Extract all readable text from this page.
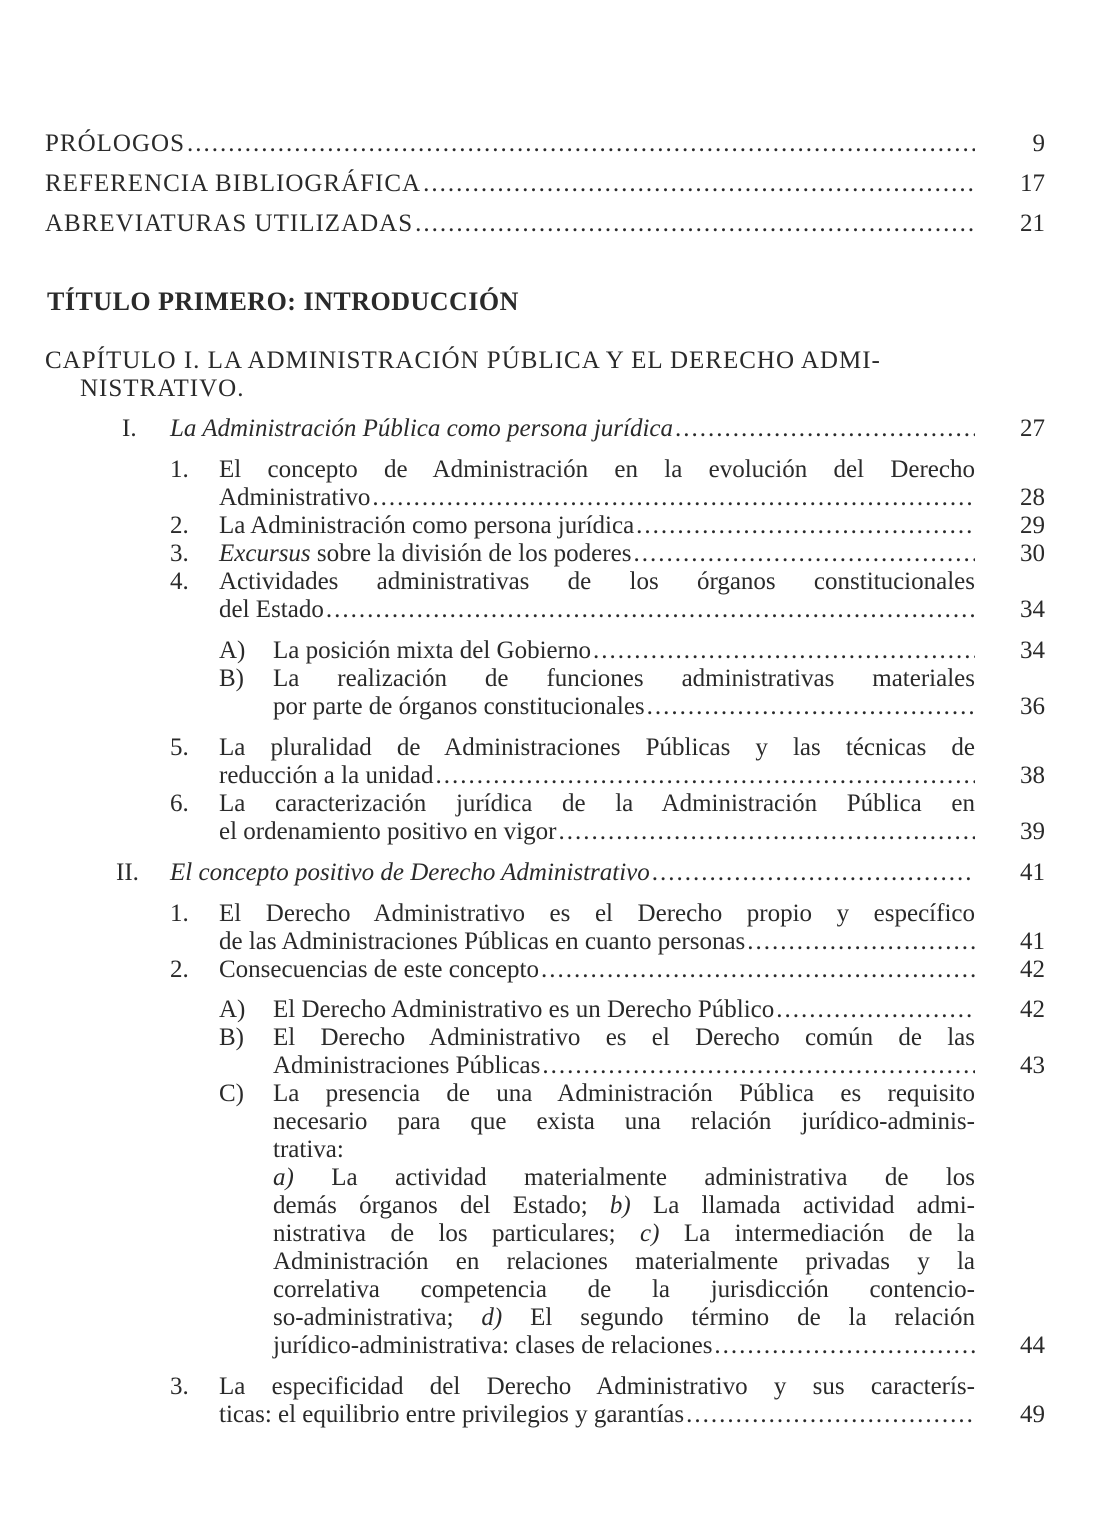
PRÓLOGOS .....	9
REFERENCIA BIBLIOGRÁFICA .....	17
ABREVIATURAS UTILIZADAS .....	21
TÍTULO PRIMERO: INTRODUCCIÓN
CAPÍTULO I. LA ADMINISTRACIÓN PÚBLICA Y EL DERECHO ADMI-
NISTRATIVO.
I. La Administración Pública como persona jurídica .....	27
1. El concepto de Administración en la evolución del Derecho
Administrativo .....	28
2. La Administración como persona jurídica .....	29
3. Excursus sobre la división de los poderes .....	30
4. Actividades administrativas de los órganos constitucionales
del Estado .....	34
A) La posición mixta del Gobierno .....	34
B) La realización de funciones administrativas materiales
por parte de órganos constitucionales .....	36
5. La pluralidad de Administraciones Públicas y las técnicas de
reducción a la unidad .....	38
6. La caracterización jurídica de la Administración Pública en
el ordenamiento positivo en vigor .....	39
II. El concepto positivo de Derecho Administrativo .....	41
1. El Derecho Administrativo es el Derecho propio y específico
de las Administraciones Públicas en cuanto personas .....	41
2. Consecuencias de este concepto .....	42
A) El Derecho Administrativo es un Derecho Público .....	42
B) El Derecho Administrativo es el Derecho común de las
Administraciones Públicas .....	43
C) La presencia de una Administración Pública es requisito
necesario para que exista una relación jurídico-adminis-
trativa:
a) La actividad materialmente administrativa de los
demás órganos del Estado; b) La llamada actividad admi-
nistrativa de los particulares; c) La intermediación de la
Administración en relaciones materialmente privadas y la
correlativa competencia de la jurisdicción contencio-
so-administrativa; d) El segundo término de la relación
jurídico-administrativa: clases de relaciones .....	44
3. La especificidad del Derecho Administrativo y sus caracterís-
ticas: el equilibrio entre privilegios y garantías .....	49
